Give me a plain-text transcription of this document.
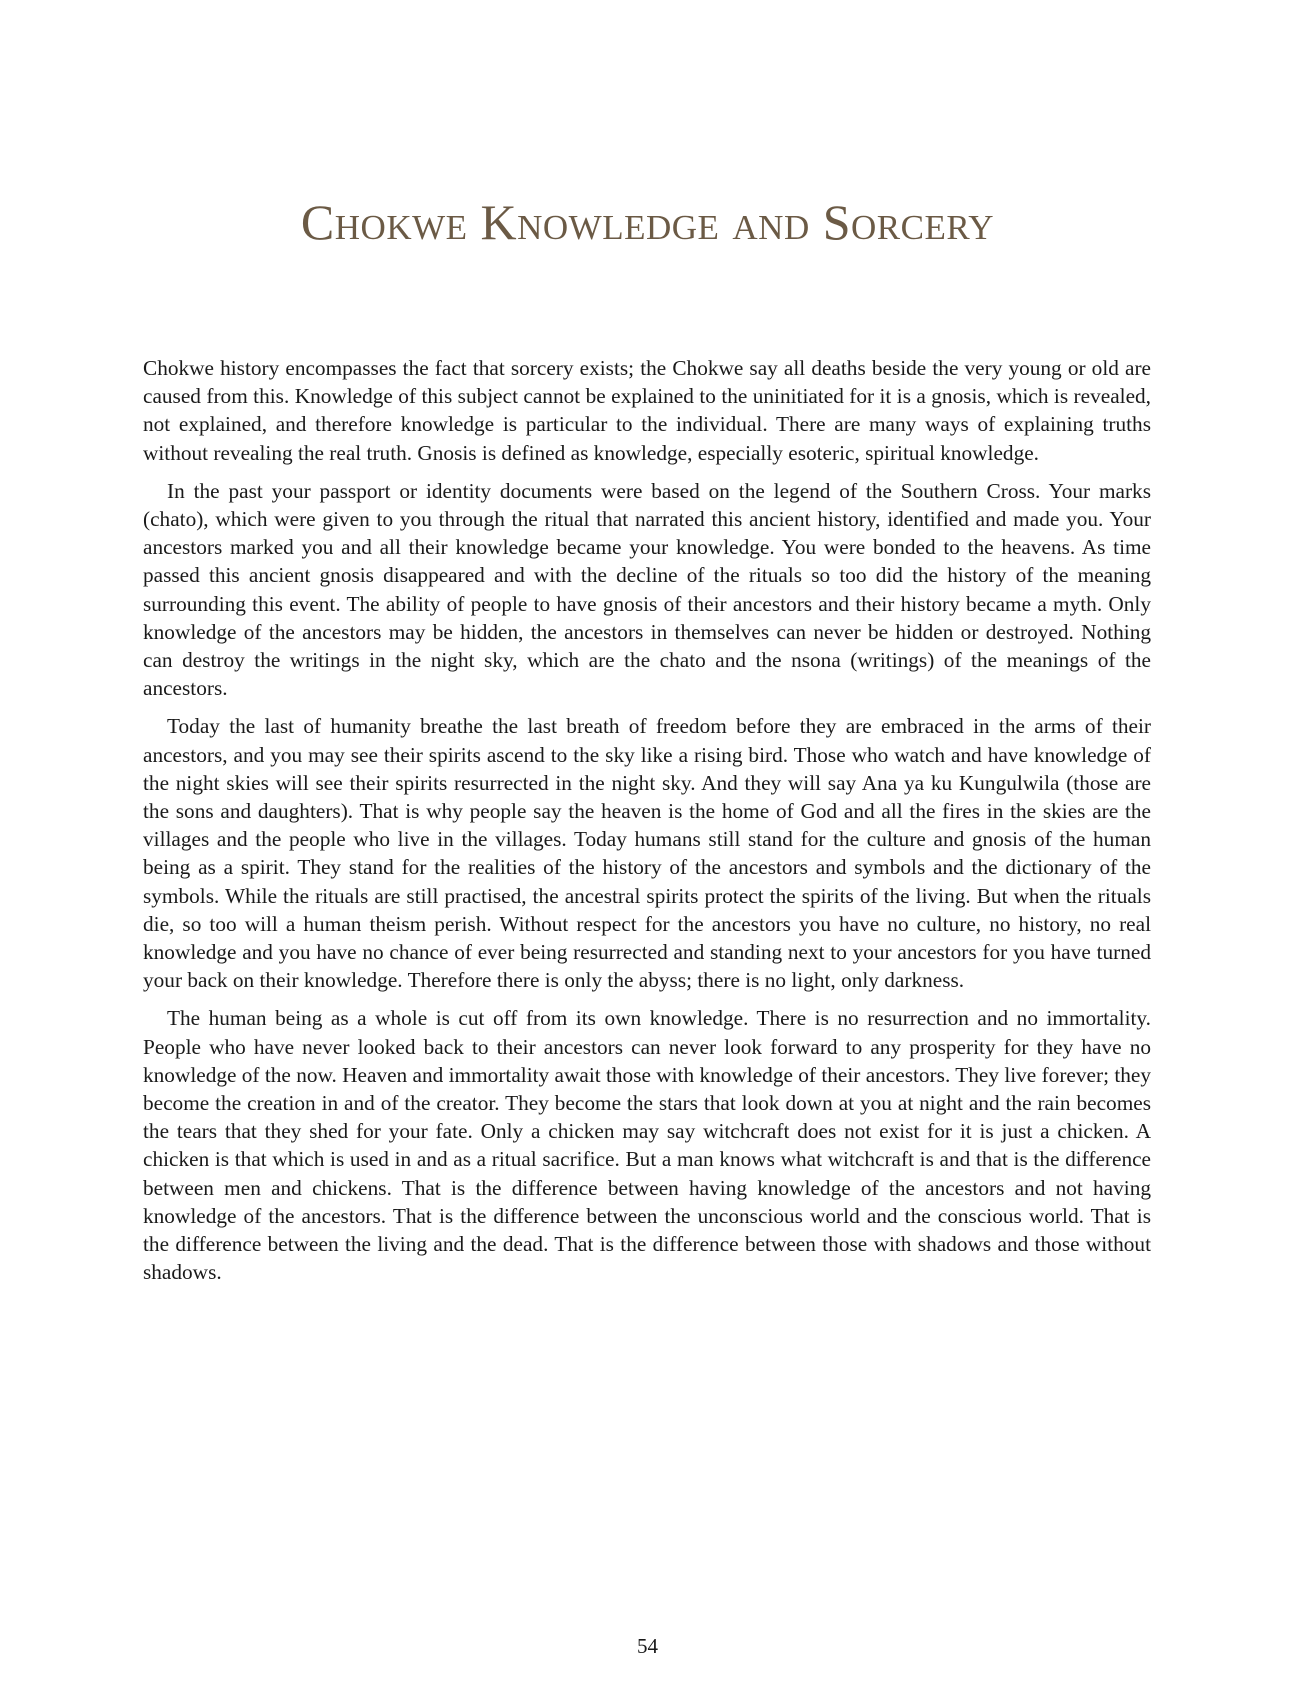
Chokwe Knowledge and Sorcery

Chokwe history encompasses the fact that sorcery exists; the Chokwe say all deaths beside the very young or old are caused from this. Knowledge of this subject cannot be explained to the uninitiated for it is a gnosis, which is revealed, not explained, and therefore knowledge is particular to the individual. There are many ways of explaining truths without revealing the real truth. Gnosis is defined as knowledge, especially esoteric, spiritual knowledge.

In the past your passport or identity documents were based on the legend of the Southern Cross. Your marks (chato), which were given to you through the ritual that narrated this ancient history, identified and made you. Your ancestors marked you and all their knowledge became your knowledge. You were bonded to the heavens. As time passed this ancient gnosis disappeared and with the decline of the rituals so too did the history of the meaning surrounding this event. The ability of people to have gnosis of their ancestors and their history became a myth. Only knowledge of the ancestors may be hidden, the ancestors in themselves can never be hidden or destroyed. Nothing can destroy the writings in the night sky, which are the chato and the nsona (writings) of the meanings of the ancestors.

Today the last of humanity breathe the last breath of freedom before they are embraced in the arms of their ancestors, and you may see their spirits ascend to the sky like a rising bird. Those who watch and have knowledge of the night skies will see their spirits resurrected in the night sky. And they will say Ana ya ku Kungulwila (those are the sons and daughters). That is why people say the heaven is the home of God and all the fires in the skies are the villages and the people who live in the villages. Today humans still stand for the culture and gnosis of the human being as a spirit. They stand for the realities of the history of the ancestors and symbols and the dictionary of the symbols. While the rituals are still practised, the ancestral spirits protect the spirits of the living. But when the rituals die, so too will a human theism perish. Without respect for the ancestors you have no culture, no history, no real knowledge and you have no chance of ever being resurrected and standing next to your ancestors for you have turned your back on their knowledge. Therefore there is only the abyss; there is no light, only darkness.

The human being as a whole is cut off from its own knowledge. There is no resurrection and no immortality. People who have never looked back to their ancestors can never look forward to any prosperity for they have no knowledge of the now. Heaven and immortality await those with knowledge of their ancestors. They live forever; they become the creation in and of the creator. They become the stars that look down at you at night and the rain becomes the tears that they shed for your fate. Only a chicken may say witchcraft does not exist for it is just a chicken. A chicken is that which is used in and as a ritual sacrifice. But a man knows what witchcraft is and that is the difference between men and chickens. That is the difference between having knowledge of the ancestors and not having knowledge of the ancestors. That is the difference between the unconscious world and the conscious world. That is the difference between the living and the dead. That is the difference between those with shadows and those without shadows.

54
